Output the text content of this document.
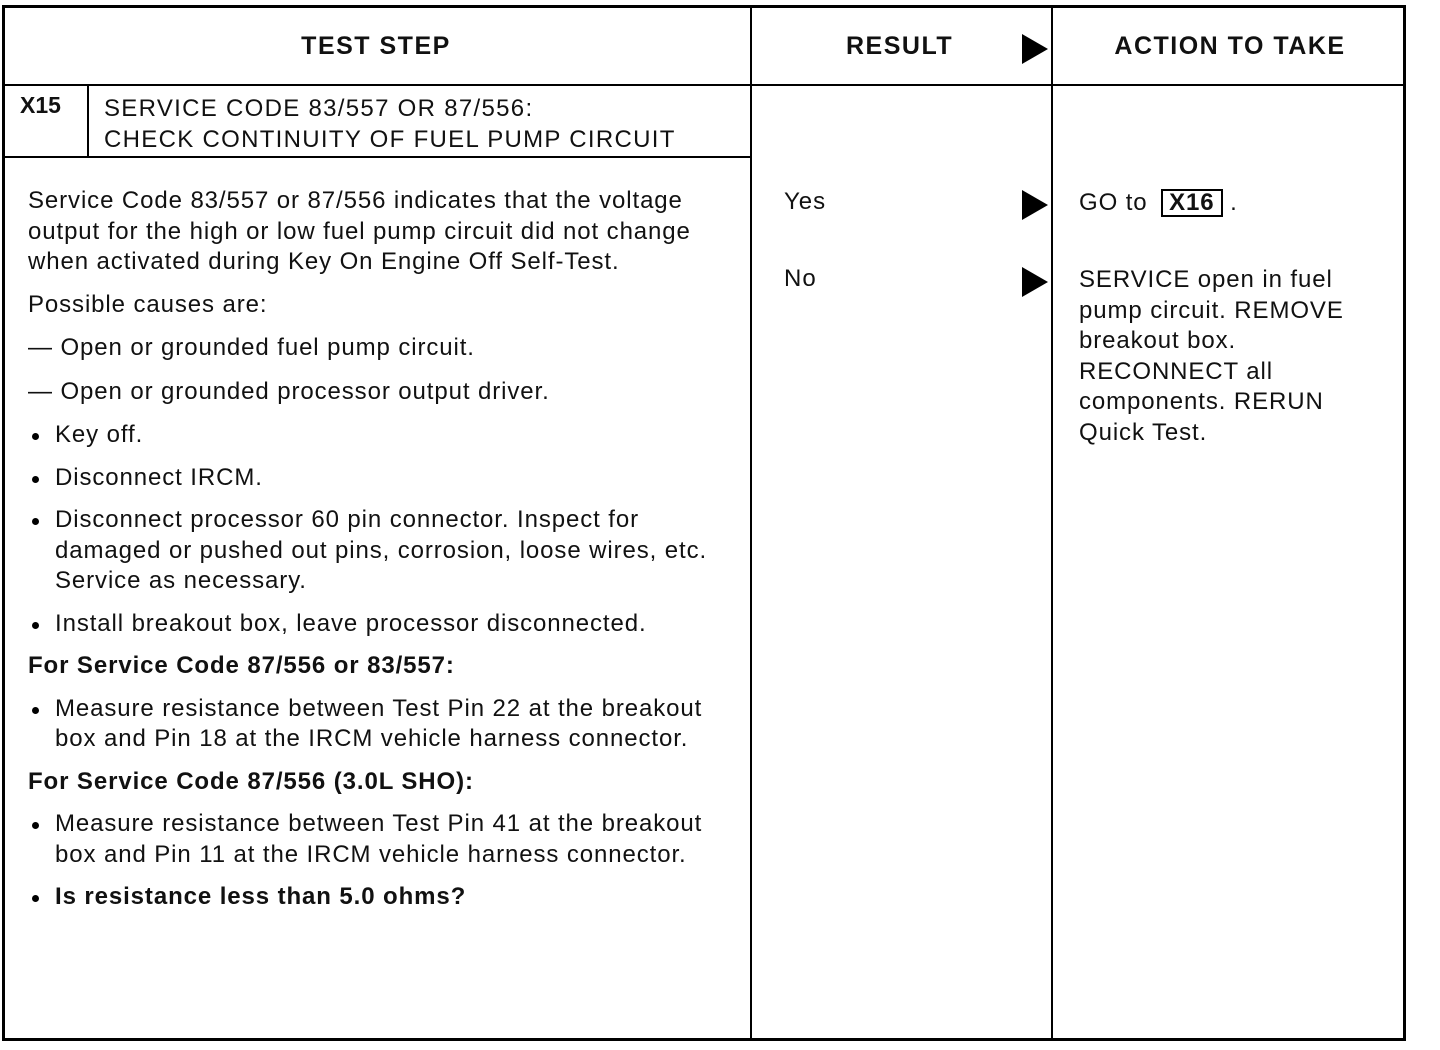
TEST STEP	RESULT	ACTION TO TAKE
X15 SERVICE CODE 83/557 OR 87/556:
CHECK CONTINUITY OF FUEL PUMP CIRCUIT

Service Code 83/557 or 87/556 indicates that the voltage output for the high or low fuel pump circuit did not change when activated during Key On Engine Off Self-Test.

Possible causes are:

— Open or grounded fuel pump circuit.
— Open or grounded processor output driver.
Key off.
Disconnect IRCM.
Disconnect processor 60 pin connector. Inspect for damaged or pushed out pins, corrosion, loose wires, etc. Service as necessary.
Install breakout box, leave processor disconnected.

For Service Code 87/556 or 83/557:

Measure resistance between Test Pin 22 at the breakout box and Pin 18 at the IRCM vehicle harness connector.

For Service Code 87/556 (3.0L SHO):

Measure resistance between Test Pin 41 at the breakout box and Pin 11 at the IRCM vehicle harness connector.
Is resistance less than 5.0 ohms?
Yes
No
GO to X16 .
SERVICE open in fuel pump circuit. REMOVE breakout box. RECONNECT all components. RERUN Quick Test.
